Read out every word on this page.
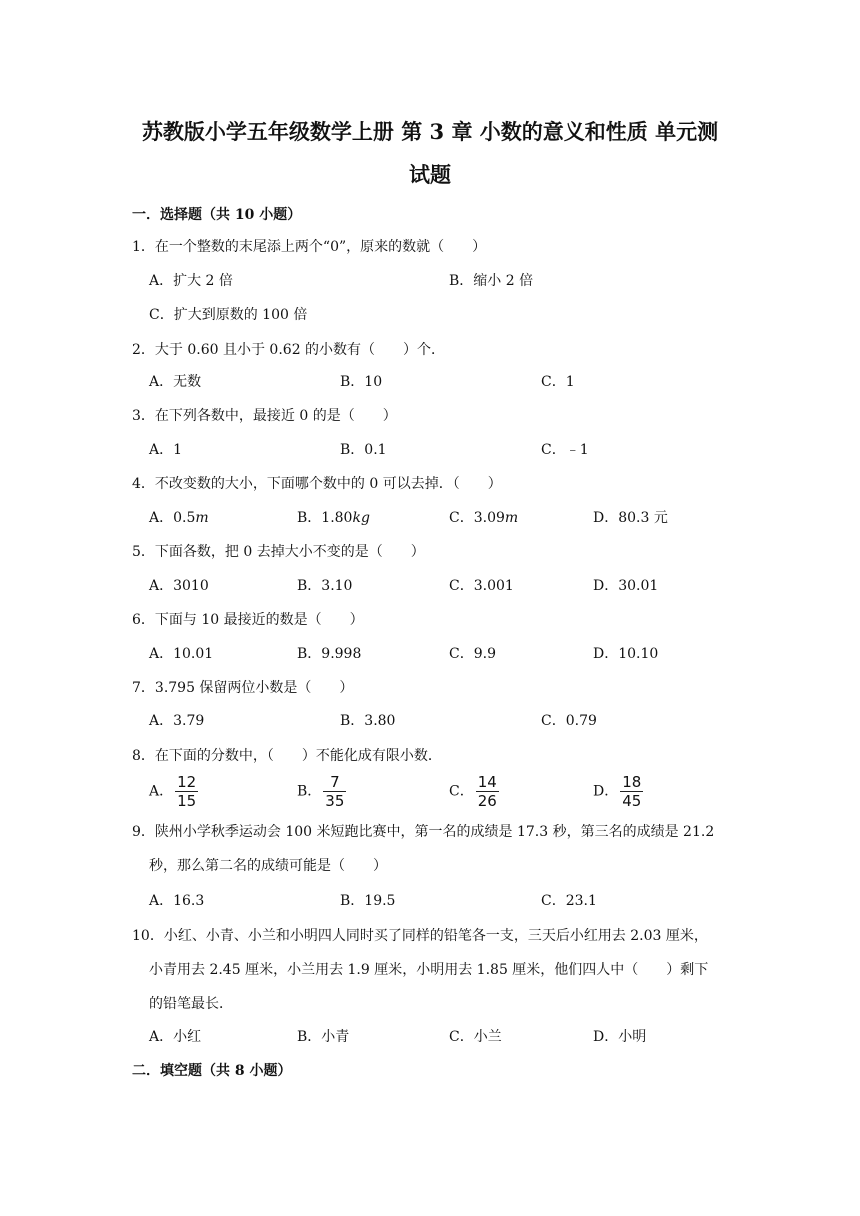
苏教版小学五年级数学上册 第 3 章 小数的意义和性质 单元测
试题
一．选择题（共 10 小题）
1．在一个整数的末尾添上两个“0”，原来的数就（　　）
A．扩大 2 倍	B．缩小 2 倍
C．扩大到原数的 100 倍
2．大于 0.60 且小于 0.62 的小数有（　　）个．
A．无数	B．10	C．1
3．在下列各数中，最接近 0 的是（　　）
A．1	B．0.1	C．﹣1
4．不改变数的大小，下面哪个数中的 0 可以去掉．（　　）
A．0.5m	B．1.80kg	C．3.09m	D．80.3 元
5．下面各数，把 0 去掉大小不变的是（　　）
A．3010	B．3.10	C．3.001	D．30.01
6．下面与 10 最接近的数是（　　）
A．10.01	B．9.998	C．9.9	D．10.10
7．3.795 保留两位小数是（　　）
A．3.79	B．3.80	C．0.79
8．在下面的分数中，（　　）不能化成有限小数．
A． $\frac{12}{15}$	B． $\frac{7}{35}$	C． $\frac{14}{26}$	D． $\frac{18}{45}$
9．陕州小学秋季运动会 100 米短跑比赛中，第一名的成绩是 17.3 秒，第三名的成绩是 21.2
秒，那么第二名的成绩可能是（　　）
A．16.3	B．19.5	C．23.1
10．小红、小青、小兰和小明四人同时买了同样的铅笔各一支，三天后小红用去 2.03 厘米，
小青用去 2.45 厘米，小兰用去 1.9 厘米，小明用去 1.85 厘米，他们四人中（　　）剩下
的铅笔最长．
A．小红	B．小青	C．小兰	D．小明
二．填空题（共 8 小题）
